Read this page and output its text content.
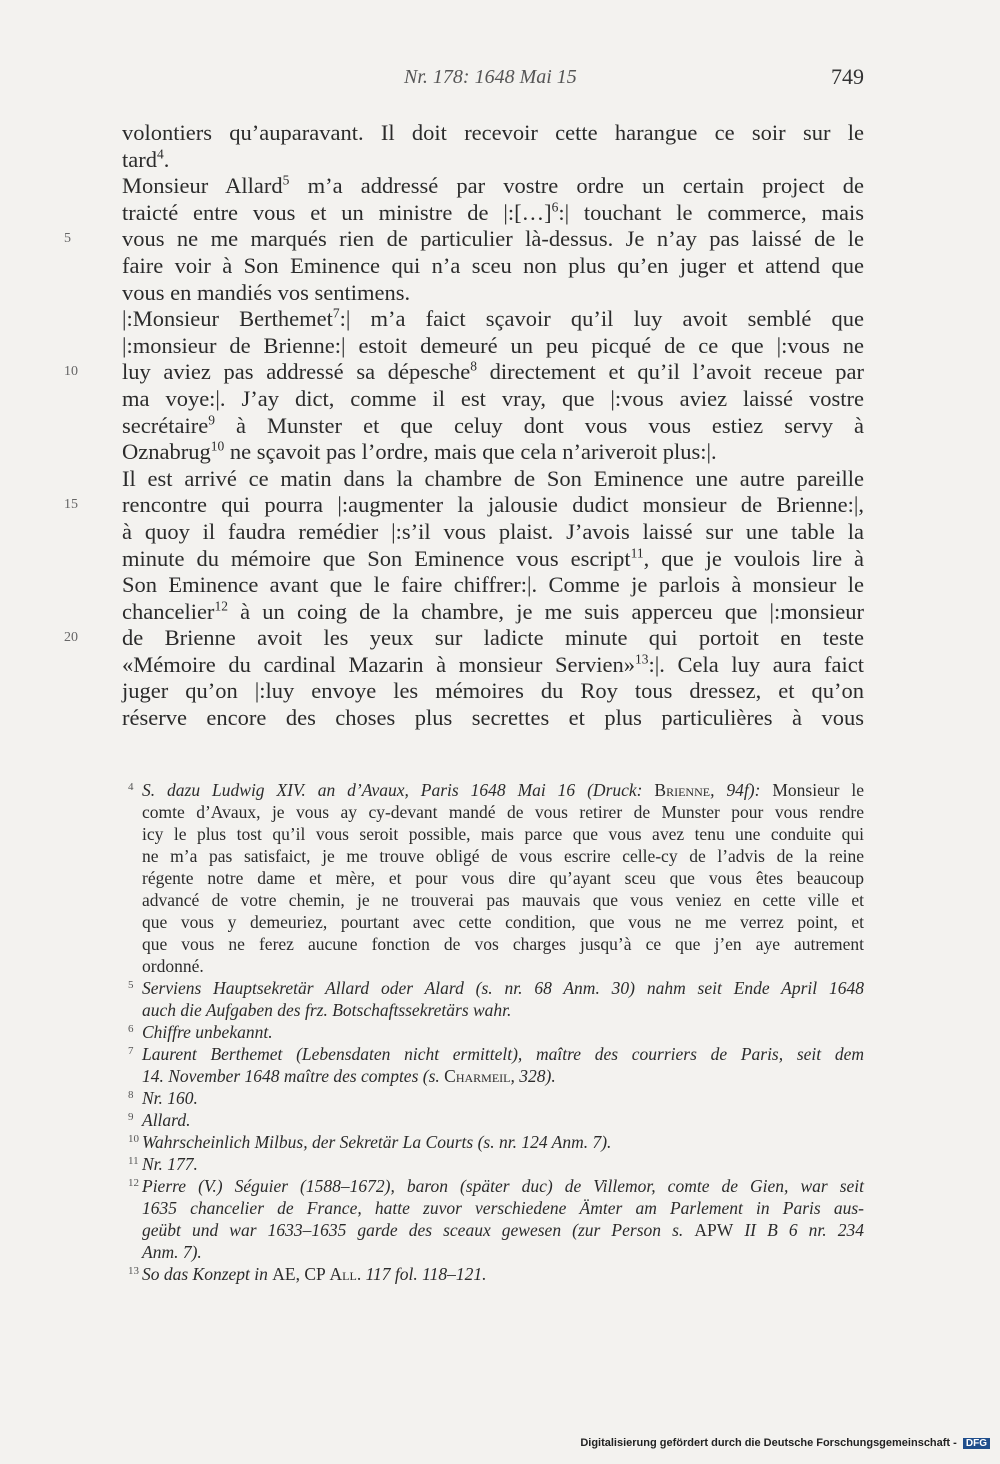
Nr. 178: 1648 Mai 15	749
volontiers qu’auparavant. Il doit recevoir cette harangue ce soir sur le
tard$^4$.
Monsieur Allard$^5$ m’a addressé par vostre ordre un certain project de
traicté entre vous et un ministre de |:[…]$^6$:| touchant le commerce, mais
5	vous ne me marqués rien de particulier là-dessus. Je n’ay pas laissé de le
faire voir à Son Eminence qui n’a sceu non plus qu’en juger et attend que
vous en mandiés vos sentimens.
|:Monsieur Berthemet$^7$:| m’a faict sçavoir qu’il luy avoit semblé que
|:monsieur de Brienne:| estoit demeuré un peu picqué de ce que |:vous ne
10	luy aviez pas addressé sa dépesche$^8$ directement et qu’il l’avoit receue par
ma voye:|. J’ay dict, comme il est vray, que |:vous aviez laissé vostre
secrétaire$^9$ à Munster et que celuy dont vous vous estiez servy à
Oznabrug$^{10}$ ne sçavoit pas l’ordre, mais que cela n’ariveroit plus:|.
Il est arrivé ce matin dans la chambre de Son Eminence une autre pareille
15	rencontre qui pourra |:augmenter la jalousie dudict monsieur de Brienne:|,
à quoy il faudra remédier |:s’il vous plaist. J’avois laissé sur une table la
minute du mémoire que Son Eminence vous escript$^{11}$, que je voulois lire à
Son Eminence avant que le faire chiffrer:|. Comme je parlois à monsieur le
chancelier$^{12}$ à un coing de la chambre, je me suis apperceu que |:monsieur
20	de Brienne avoit les yeux sur ladicte minute qui portoit en teste
«Mémoire du cardinal Mazarin à monsieur Servien»$^{13}$:|. Cela luy aura faict
juger qu’on |:luy envoye les mémoires du Roy tous dressez, et qu’on
réserve encore des choses plus secrettes et plus particulières à vous
4 S. dazu Ludwig XIV. an d’Avaux, Paris 1648 Mai 16 (Druck: Brienne, 94f): Monsieur le
comte d’Avaux, je vous ay cy-devant mandé de vous retirer de Munster pour vous rendre
icy le plus tost qu’il vous seroit possible, mais parce que vous avez tenu une conduite qui
ne m’a pas satisfaict, je me trouve obligé de vous escrire celle-cy de l’advis de la reine
régente notre dame et mère, et pour vous dire qu’ayant sceu que vous êtes beaucoup
advancé de votre chemin, je ne trouverai pas mauvais que vous veniez en cette ville et
que vous y demeuriez, pourtant avec cette condition, que vous ne me verrez point, et
que vous ne ferez aucune fonction de vos charges jusqu’à ce que j’en aye autrement
ordonné.
5 Serviens Hauptsekretär Allard oder Alard (s. nr. 68 Anm. 30) nahm seit Ende April 1648
auch die Aufgaben des frz. Botschaftssekretärs wahr.
6 Chiffre unbekannt.
7 Laurent Berthemet (Lebensdaten nicht ermittelt), maître des courriers de Paris, seit dem
14. November 1648 maître des comptes (s. Charmeil, 328).
8 Nr. 160.
9 Allard.
10 Wahrscheinlich Milbus, der Sekretär La Courts (s. nr. 124 Anm. 7).
11 Nr. 177.
12 Pierre (V.) Séguier (1588–1672), baron (später duc) de Villemor, comte de Gien, war seit
1635 chancelier de France, hatte zuvor verschiedene Ämter am Parlement in Paris aus-
geübt und war 1633–1635 garde des sceaux gewesen (zur Person s. APW II B 6 nr. 234
Anm. 7).
13 So das Konzept in AE, CP All. 117 fol. 118–121.
Digitalisierung gefördert durch die Deutsche Forschungsgemeinschaft - DFG
